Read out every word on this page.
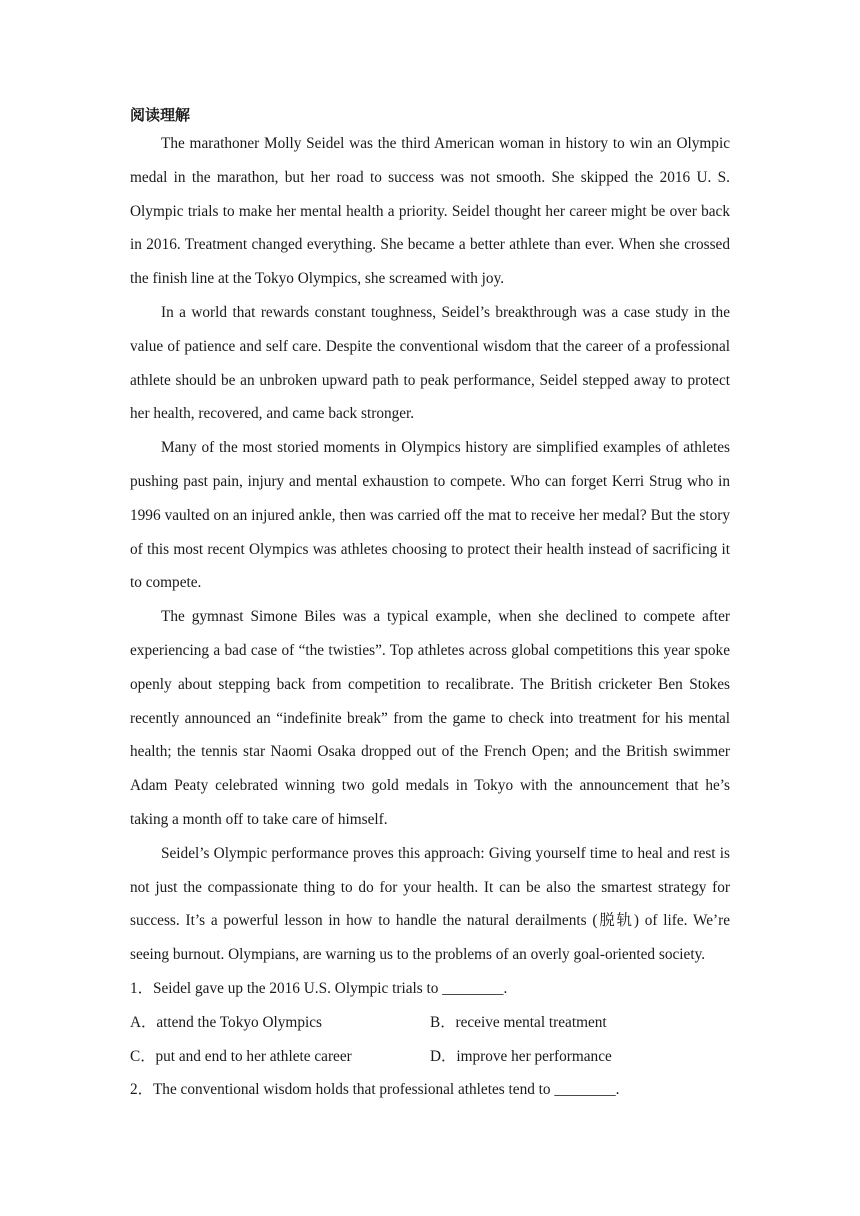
阅读理解

The marathoner Molly Seidel was the third American woman in history to win an Olympic medal in the marathon, but her road to success was not smooth. She skipped the 2016 U. S. Olympic trials to make her mental health a priority. Seidel thought her career might be over back in 2016. Treatment changed everything. She became a better athlete than ever. When she crossed the finish line at the Tokyo Olympics, she screamed with joy.

In a world that rewards constant toughness, Seidel’s breakthrough was a case study in the value of patience and self care. Despite the conventional wisdom that the career of a professional athlete should be an unbroken upward path to peak performance, Seidel stepped away to protect her health, recovered, and came back stronger.

Many of the most storied moments in Olympics history are simplified examples of athletes pushing past pain, injury and mental exhaustion to compete. Who can forget Kerri Strug who in 1996 vaulted on an injured ankle, then was carried off the mat to receive her medal? But the story of this most recent Olympics was athletes choosing to protect their health instead of sacrificing it to compete.

The gymnast Simone Biles was a typical example, when she declined to compete after experiencing a bad case of “the twisties”. Top athletes across global competitions this year spoke openly about stepping back from competition to recalibrate. The British cricketer Ben Stokes recently announced an “indefinite break” from the game to check into treatment for his mental health; the tennis star Naomi Osaka dropped out of the French Open; and the British swimmer Adam Peaty celebrated winning two gold medals in Tokyo with the announcement that he’s taking a month off to take care of himself.

Seidel’s Olympic performance proves this approach: Giving yourself time to heal and rest is not just the compassionate thing to do for your health. It can be also the smartest strategy for success. It’s a powerful lesson in how to handle the natural derailments (脱轨) of life. We’re seeing burnout. Olympians, are warning us to the problems of an overly goal-oriented society.

1．Seidel gave up the 2016 U.S. Olympic trials to ________.

A．attend the Tokyo Olympics	B．receive mental treatment
C．put and end to her athlete career	D．improve her performance

2．The conventional wisdom holds that professional athletes tend to ________.
